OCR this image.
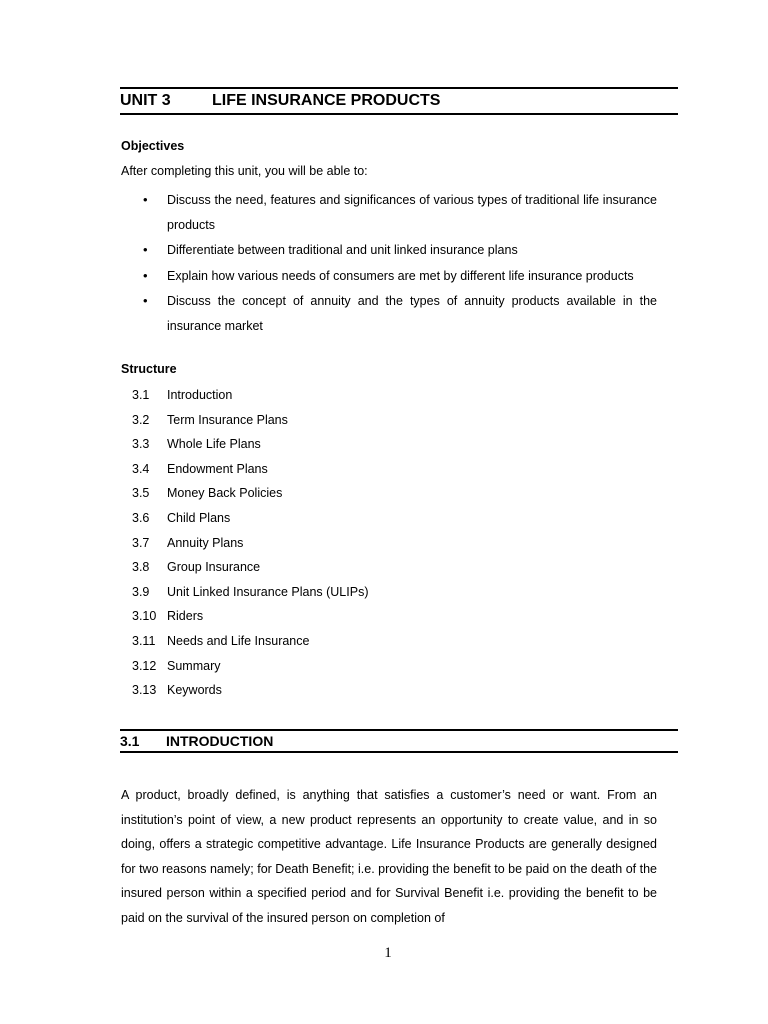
UNIT 3	LIFE INSURANCE PRODUCTS
Objectives
After completing this unit, you will be able to:
• Discuss the need, features and significances of various types of traditional life insurance products
• Differentiate between traditional and unit linked insurance plans
• Explain how various needs of consumers are met by different life insurance products
• Discuss the concept of annuity and the types of annuity products available in the insurance market
Structure
3.1	Introduction
3.2	Term Insurance Plans
3.3	Whole Life Plans
3.4	Endowment Plans
3.5	Money Back Policies
3.6	Child Plans
3.7	Annuity Plans
3.8	Group Insurance
3.9	Unit Linked Insurance Plans (ULIPs)
3.10 Riders
3.11 Needs and Life Insurance
3.12 Summary
3.13 Keywords
3.1	INTRODUCTION

A product, broadly defined, is anything that satisfies a customer’s need or want. From an institution’s point of view, a new product represents an opportunity to create value, and in so doing, offers a strategic competitive advantage. Life Insurance Products are generally designed for two reasons namely; for Death Benefit; i.e. providing the benefit to be paid on the death of the insured person within a specified period and for Survival Benefit i.e. providing the benefit to be paid on the survival of the insured person on completion of

1
